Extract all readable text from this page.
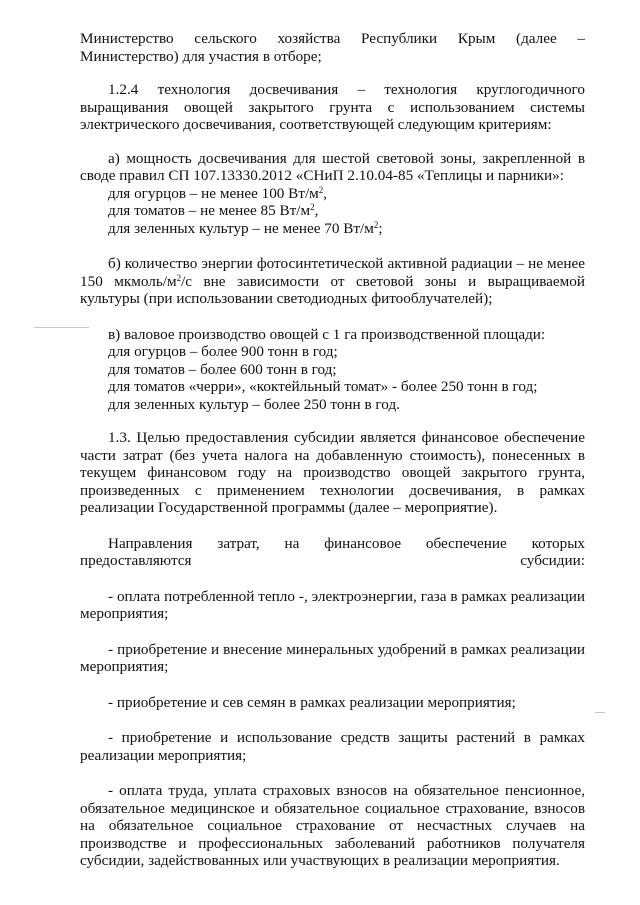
Министерство сельского хозяйства Республики Крым (далее – Министерство) для участия в отборе;

1.2.4 технология досвечивания – технология круглогодичного выращивания овощей закрытого грунта с использованием системы электрического досвечивания, соответствующей следующим критериям:

а) мощность досвечивания для шестой световой зоны, закрепленной в своде правил СП 107.13330.2012 «СНиП 2.10.04-85 «Теплицы и парники»:

для огурцов – не менее 100 $Вт/м^2$,

для томатов – не менее 85 $Вт/м^2$,

для зеленных культур – не менее 70 $Вт/м^2$;

б) количество энергии фотосинтетической активной радиации – не менее 150 мкмоль/$м^2/с$ вне зависимости от световой зоны и выращиваемой культуры (при использовании светодиодных фитооблучателей);

в) валовое производство овощей с 1 га производственной площади:

для огурцов – более 900 тонн в год;

для томатов – более 600 тонн в год;

для томатов «черри», «коктейльный томат» - более 250 тонн в год;

для зеленных культур – более 250 тонн в год.

1.3. Целью предоставления субсидии является финансовое обеспечение части затрат (без учета налога на добавленную стоимость), понесенных в текущем финансовом году на производство овощей закрытого грунта, произведенных с применением технологии досвечивания, в рамках реализации Государственной программы (далее – мероприятие).

Направления затрат, на финансовое обеспечение которых предоставляются субсидии:

- оплата потребленной тепло -, электроэнергии, газа в рамках реализации мероприятия;

- приобретение и внесение минеральных удобрений в рамках реализации мероприятия;

- приобретение и сев семян в рамках реализации мероприятия;

- приобретение и использование средств защиты растений в рамках реализации мероприятия;

- оплата труда, уплата страховых взносов на обязательное пенсионное, обязательное медицинское и обязательное социальное страхование, взносов на обязательное социальное страхование от несчастных случаев на производстве и профессиональных заболеваний работников получателя субсидии, задействованных или участвующих в реализации мероприятия.
